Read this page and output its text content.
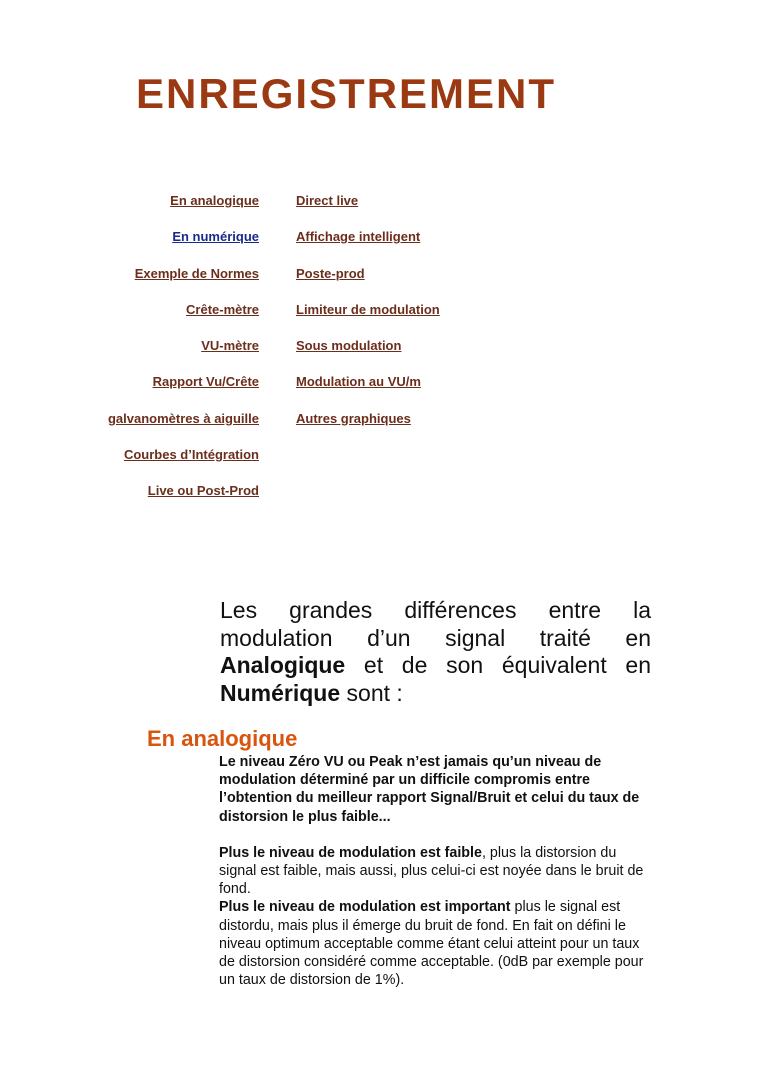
ENREGISTREMENT
En analogique
En numérique
Exemple de Normes
Crête-mètre
VU-mètre
Rapport Vu/Crête
galvanomètres à aiguille
Courbes d’Intégration
Live ou Post-Prod
Direct live
Affichage intelligent
Poste-prod
Limiteur de modulation
Sous modulation
Modulation au VU/m
Autres graphiques

Les grandes différences entre la modulation d’un signal traité en Analogique et de son équivalent en Numérique sont :

En analogique

Le niveau Zéro VU ou Peak n’est jamais qu’un niveau de modulation déterminé par un difficile compromis entre l’obtention du meilleur rapport Signal/Bruit et celui du taux de distorsion le plus faible...

Plus le niveau de modulation est faible, plus la distorsion du signal est faible, mais aussi, plus celui-ci est noyée dans le bruit de fond.

Plus le niveau de modulation est important plus le signal est distordu, mais plus il émerge du bruit de fond. En fait on défini le niveau optimum acceptable comme étant celui atteint pour un taux de distorsion considéré comme acceptable. (0dB par exemple pour un taux de distorsion de 1%).
